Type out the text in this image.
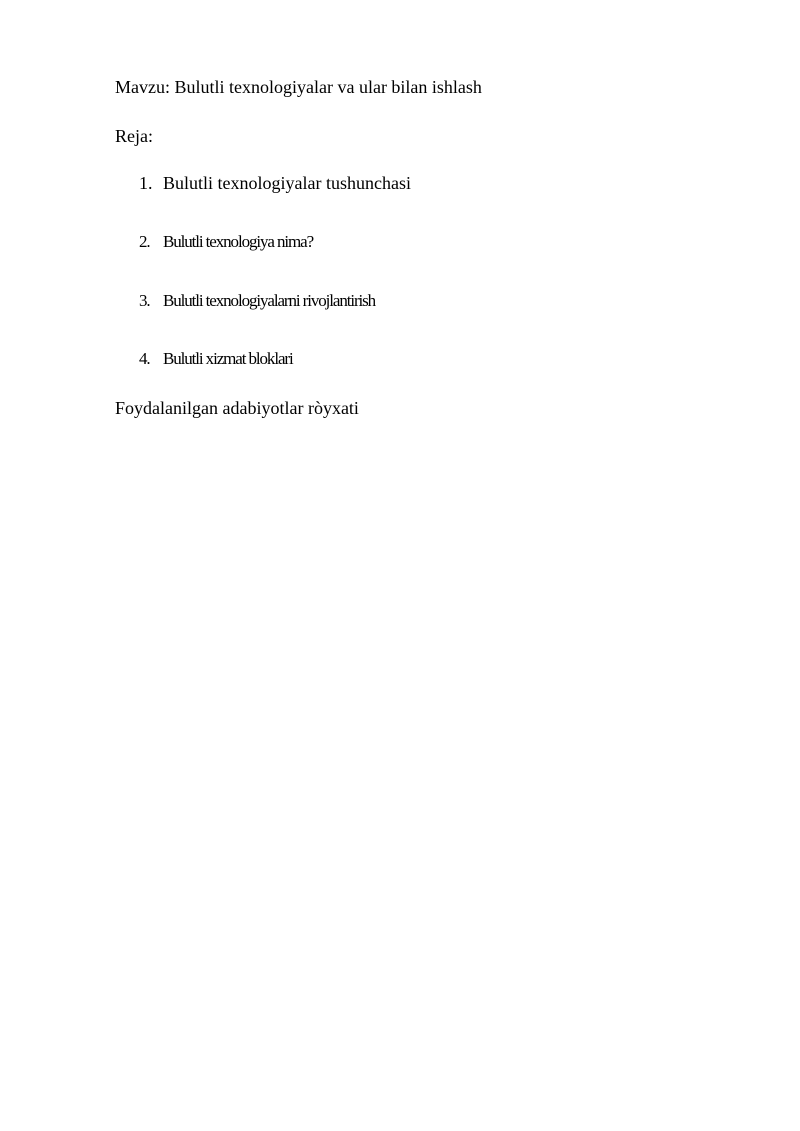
Mavzu: Bulutli texnologiyalar va ular bilan ishlash
Reja:
1. Bulutli texnologiyalar tushunchasi
2. Bulutli texnologiya nima?
3. Bulutli texnologiyalarni rivojlantirish
4. Bulutli xizmat bloklari
Foydalanilgan adabiyotlar ròyxati
